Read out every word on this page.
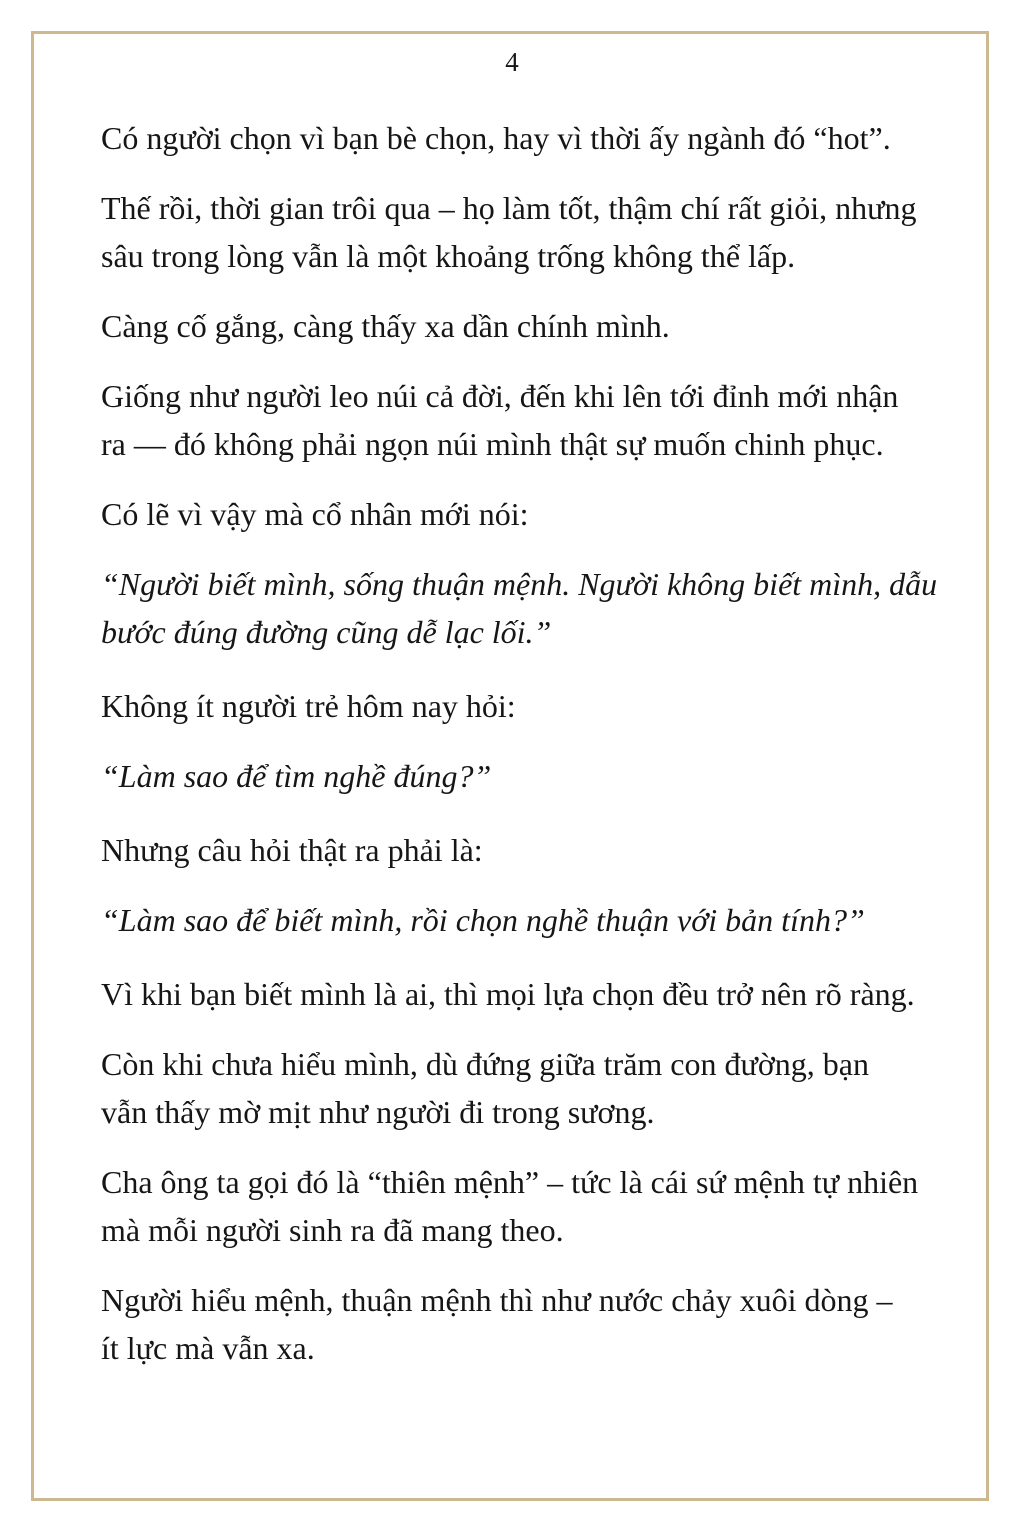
4

Có người chọn vì bạn bè chọn, hay vì thời ấy ngành đó “hot”.

Thế rồi, thời gian trôi qua – họ làm tốt, thậm chí rất giỏi, nhưng
sâu trong lòng vẫn là một khoảng trống không thể lấp.

Càng cố gắng, càng thấy xa dần chính mình.

Giống như người leo núi cả đời, đến khi lên tới đỉnh mới nhận
ra — đó không phải ngọn núi mình thật sự muốn chinh phục.

Có lẽ vì vậy mà cổ nhân mới nói:

“Người biết mình, sống thuận mệnh. Người không biết mình, dẫu
bước đúng đường cũng dễ lạc lối.”

Không ít người trẻ hôm nay hỏi:

“Làm sao để tìm nghề đúng?”

Nhưng câu hỏi thật ra phải là:

“Làm sao để biết mình, rồi chọn nghề thuận với bản tính?”

Vì khi bạn biết mình là ai, thì mọi lựa chọn đều trở nên rõ ràng.

Còn khi chưa hiểu mình, dù đứng giữa trăm con đường, bạn
vẫn thấy mờ mịt như người đi trong sương.

Cha ông ta gọi đó là “thiên mệnh” – tức là cái sứ mệnh tự nhiên
mà mỗi người sinh ra đã mang theo.

Người hiểu mệnh, thuận mệnh thì như nước chảy xuôi dòng –
ít lực mà vẫn xa.
